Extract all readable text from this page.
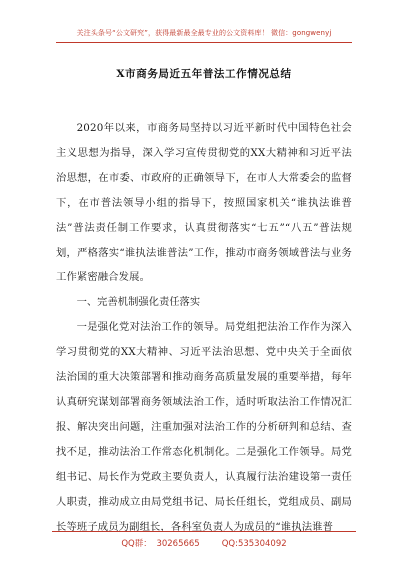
关注头条号“公文研究”，获得最新最全最专业的公文资料库！ 微信：gongwenyj
X市商务局近五年普法工作情况总结

2020年以来，市商务局坚持以习近平新时代中国特色社会主义思想为指导，深入学习宣传贯彻党的XX大精神和习近平法治思想，在市委、市政府的正确领导下，在市人大常委会的监督下，在市普法领导小组的指导下，按照国家机关“谁执法谁普法”普法责任制工作要求，认真贯彻落实“七五”“八五”普法规划，严格落实“谁执法谁普法”工作，推动市商务领域普法与业务工作紧密融合发展。

一、完善机制强化责任落实

一是强化党对法治工作的领导。局党组把法治工作作为深入学习贯彻党的XX大精神、习近平法治思想、党中央关于全面依法治国的重大决策部署和推动商务高质量发展的重要举措，每年认真研究谋划部署商务领域法治工作，适时听取法治工作情况汇报、解决突出问题，注重加强对法治工作的分析研判和总结、查找不足，推动法治工作常态化机制化。二是强化工作领导。局党组书记、局长作为党政主要负责人，认真履行法治建设第一责任人职责，推动成立由局党组书记、局长任组长，党组成员、副局长等班子成员为副组长，各科室负责人为成员的“谁执法谁普

QQ群： 30265665	QQ:535304092
